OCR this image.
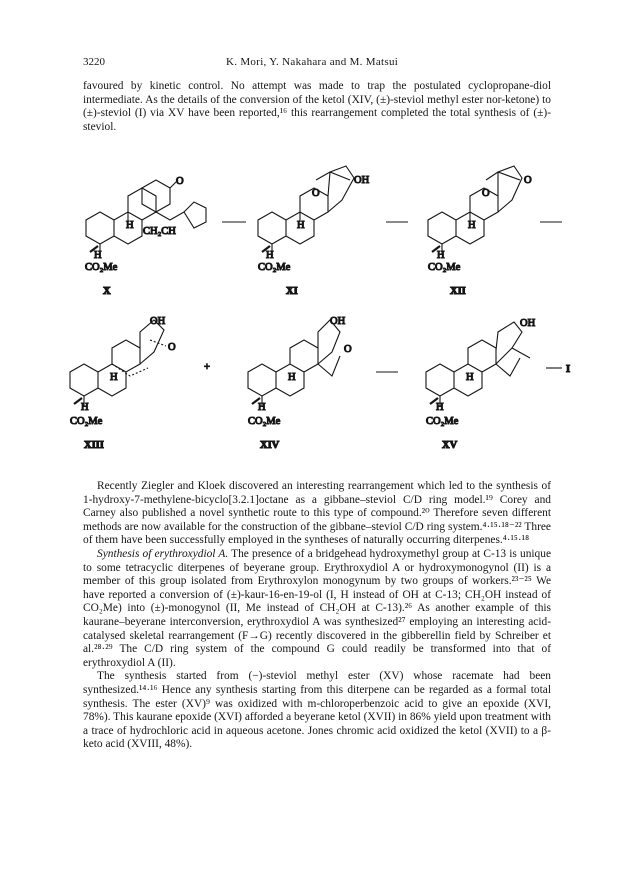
3220	K. Mori, Y. Nakahara and M. Matsui

favoured by kinetic control. No attempt was made to trap the postulated cyclopropane-diol intermediate. As the details of the conversion of the ketol (XIV, (±)-steviol methyl ester nor-ketone) to (±)-steviol (I) via XV have been reported,¹⁶ this rearrangement completed the total synthesis of (±)-steviol.

O
H
CH₂CH
H
CO₂Me
X
O
OH
H
H
CO₂Me
XI
O
O
H
H
CO₂Me
XII
OH
O
H
H
CO₂Me
XIII
+
OH
O
H
H
CO₂Me
XIV
OH
H
H
CO₂Me
XV
I

Recently Ziegler and Kloek discovered an interesting rearrangement which led to the synthesis of 1-hydroxy-7-methylene-bicyclo[3.2.1]octane as a gibbane–steviol C/D ring model.¹⁹ Corey and Carney also published a novel synthetic route to this type of compound.²⁰ Therefore seven different methods are now available for the construction of the gibbane–steviol C/D ring system.⁴·¹⁵·¹⁸⁻²² Three of them have been successfully employed in the syntheses of naturally occurring diterpenes.⁴·¹⁵·¹⁸

Synthesis of erythroxydiol A. The presence of a bridgehead hydroxymethyl group at C-13 is unique to some tetracyclic diterpenes of beyerane group. Erythroxydiol A or hydroxymonogynol (II) is a member of this group isolated from Erythroxylon monogynum by two groups of workers.²³⁻²⁵ We have reported a conversion of (±)-kaur-16-en-19-ol (I, H instead of OH at C-13; CH₂OH instead of CO₂Me) into (±)-monogynol (II, Me instead of CH₂OH at C-13).²⁶ As another example of this kaurane–beyerane interconversion, erythroxydiol A was synthesized²⁷ employing an interesting acid-catalysed skeletal rearrangement (F→G) recently discovered in the gibberellin field by Schreiber et al.²⁸·²⁹ The C/D ring system of the compound G could readily be transformed into that of erythroxydiol A (II).

The synthesis started from (−)-steviol methyl ester (XV) whose racemate had been synthesized.¹⁴·¹⁶ Hence any synthesis starting from this diterpene can be regarded as a formal total synthesis. The ester (XV)⁹ was oxidized with m-chloroperbenzoic acid to give an epoxide (XVI, 78%). This kaurane epoxide (XVI) afforded a beyerane ketol (XVII) in 86% yield upon treatment with a trace of hydrochloric acid in aqueous acetone. Jones chromic acid oxidized the ketol (XVII) to a β-keto acid (XVIII, 48%).
